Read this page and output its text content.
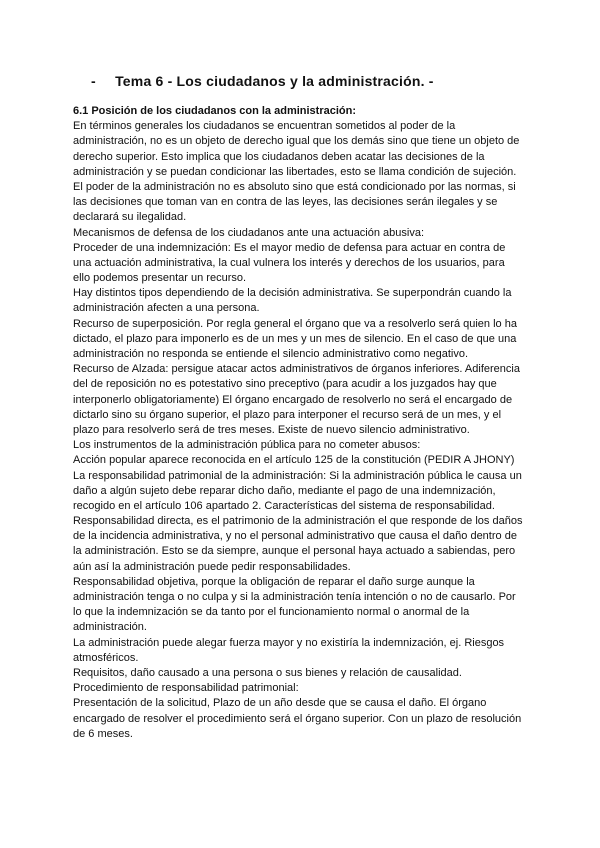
- Tema 6 - Los ciudadanos y la administración. -
6.1 Posición de los ciudadanos con la administración:
En términos generales los ciudadanos se encuentran sometidos al poder de la
administración, no es un objeto de derecho igual que los demás sino que tiene un objeto de
derecho superior. Esto implica que los ciudadanos deben acatar las decisiones de la
administración y se puedan condicionar las libertades, esto se llama condición de sujeción.
El poder de la administración no es absoluto sino que está condicionado por las normas, si
las decisiones que toman van en contra de las leyes, las decisiones serán ilegales y se
declarará su ilegalidad.
Mecanismos de defensa de los ciudadanos ante una actuación abusiva:
Proceder de una indemnización: Es el mayor medio de defensa para actuar en contra de
una actuación administrativa, la cual vulnera los interés y derechos de los usuarios, para
ello podemos presentar un recurso.
Hay distintos tipos dependiendo de la decisión administrativa. Se superpondrán cuando la
administración afecten a una persona.
Recurso de superposición. Por regla general el órgano que va a resolverlo será quien lo ha
dictado, el plazo para imponerlo es de un mes y un mes de silencio. En el caso de que una
administración no responda se entiende el silencio administrativo como negativo.
Recurso de Alzada: persigue atacar actos administrativos de órganos inferiores. Adiferencia
del de reposición no es potestativo sino preceptivo (para acudir a los juzgados hay que
interponerlo obligatoriamente) El órgano encargado de resolverlo no será el encargado de
dictarlo sino su órgano superior, el plazo para interponer el recurso será de un mes, y el
plazo para resolverlo será de tres meses. Existe de nuevo silencio administrativo.
Los instrumentos de la administración pública para no cometer abusos:
Acción popular aparece reconocida en el artículo 125 de la constitución (PEDIR A JHONY)
La responsabilidad patrimonial de la administración: Si la administración pública le causa un
daño a algún sujeto debe reparar dicho daño, mediante el pago de una indemnización,
recogido en el artículo 106 apartado 2. Características del sistema de responsabilidad.
Responsabilidad directa, es el patrimonio de la administración el que responde de los daños
de la incidencia administrativa, y no el personal administrativo que causa el daño dentro de
la administración. Esto se da siempre, aunque el personal haya actuado a sabiendas, pero
aún así la administración puede pedir responsabilidades.
Responsabilidad objetiva, porque la obligación de reparar el daño surge aunque la
administración tenga o no culpa y si la administración tenía intención o no de causarlo. Por
lo que la indemnización se da tanto por el funcionamiento normal o anormal de la
administración.
La administración puede alegar fuerza mayor y no existiría la indemnización, ej. Riesgos
atmosféricos.
Requisitos, daño causado a una persona o sus bienes y relación de causalidad.
Procedimiento de responsabilidad patrimonial:
Presentación de la solicitud, Plazo de un año desde que se causa el daño. El órgano
encargado de resolver el procedimiento será el órgano superior. Con un plazo de resolución
de 6 meses.
